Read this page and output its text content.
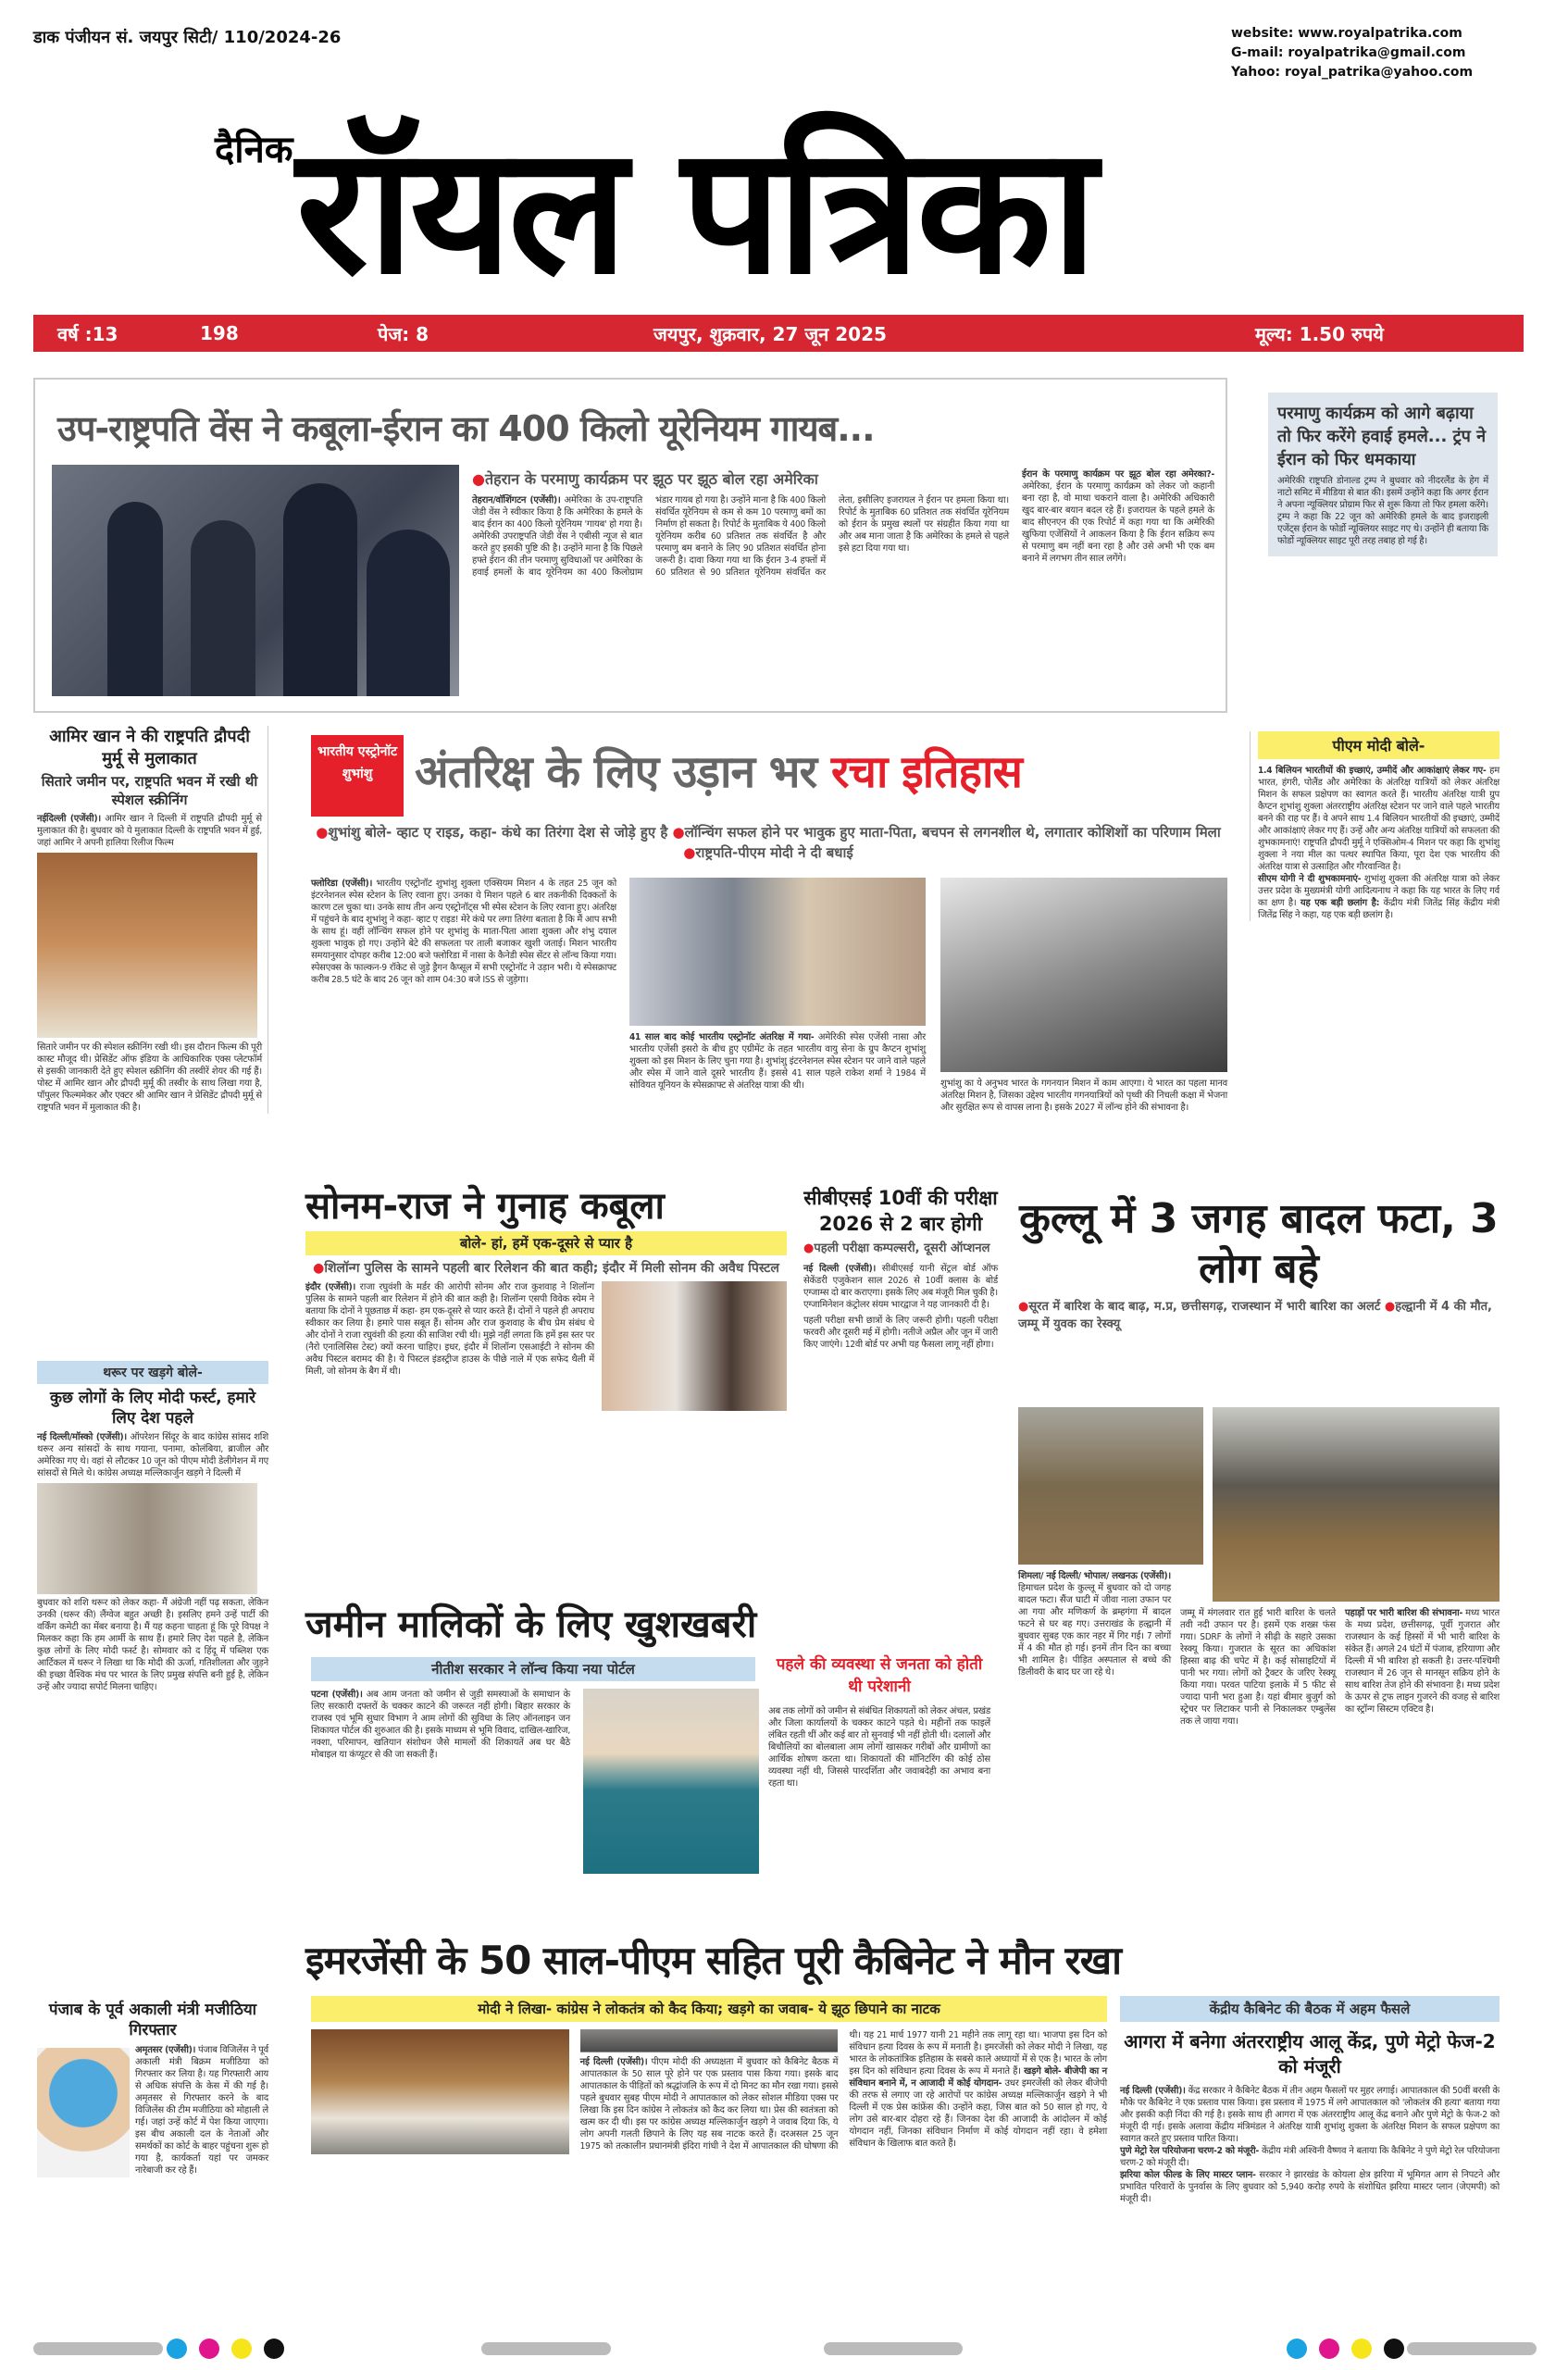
डाक पंजीयन सं. जयपुर सिटी/ 110/2024-26	website: www.royalpatrika.com
G-mail: royalpatrika@gmail.com
Yahoo: royal_patrika@yahoo.com
दैनिक रॉयल पत्रिका
वर्ष :13	198	पेज: 8	जयपुर, शुक्रवार, 27 जून 2025	मूल्य: 1.50 रुपये
उप-राष्ट्रपति वेंस ने कबूला-ईरान का 400 किलो यूरेनियम गायब...
● तेहरान के परमाणु कार्यक्रम पर झूठ पर झूठ बोल रहा अमेरिका
तेहरान/वॉशिंगटन (एजेंसी)। अमेरिका के उप-राष्ट्रपति जेडी वेंस ने स्वीकार किया है कि अमेरिका के हमले के बाद ईरान का 400 किलो यूरेनियम 'गायब' हो गया है। अमेरिकी उपराष्ट्रपति जेडी वेंस ने एबीसी न्यूज से बात करते हुए इसकी पुष्टि की है। उन्होंने माना है कि पिछले हफ्ते ईरान की तीन परमाणु सुविधाओं पर अमेरिका के हवाई हमलों के बाद यूरेनियम का 400 किलोग्राम भंडार गायब हो गया है। उन्होंने माना है कि 400 किलो संवर्धित यूरेनियम से कम से कम 10 परमाणु बमों का निर्माण हो सकता है। रिपोर्ट के मुताबिक ये 400 किलो यूरेनियम करीब 60 प्रतिशत तक संवर्धित है और परमाणु बम बनाने के लिए 90 प्रतिशत संवर्धित होना जरूरी है। दावा किया गया था कि ईरान 3-4 हफ्तों में 60 प्रतिशत से 90 प्रतिशत यूरेनियम संवर्धित कर लेता, इसीलिए इजरायल ने ईरान पर हमला किया था। रिपोर्ट के मुताबिक 60 प्रतिशत तक संवर्धित यूरेनियम को ईरान के प्रमुख स्थलों पर संग्रहीत किया गया था और अब माना जाता है कि अमेरिका के हमले से पहले इसे हटा दिया गया था।
ईरान के परमाणु कार्यक्रम पर झूठ बोल रहा अमेरका?- अमेरिका, ईरान के परमाणु कार्यक्रम को लेकर जो कहानी बना रहा है, वो माथा चकराने वाला है। अमेरिकी अधिकारी खुद बार-बार बयान बदल रहे हैं। इजरायल के पहले हमले के बाद सीएनएन की एक रिपोर्ट में कहा गया था कि अमेरिकी खुफिया एजेंसियों ने आकलन किया है कि ईरान सक्रिय रूप से परमाणु बम नहीं बना रहा है और उसे अभी भी एक बम बनाने में लगभग तीन साल लगेंगे।
परमाणु कार्यक्रम को आगे बढ़ाया तो फिर करेंगे हवाई हमले... ट्रंप ने ईरान को फिर धमकाया
अमेरिकी राष्ट्रपति डोनाल्ड ट्रम्प ने बुधवार को नीदरलैंड के हेग में नाटो समिट में मीडिया से बात की। इसमें उन्होंने कहा कि अगर ईरान ने अपना न्यूक्लियर प्रोग्राम फिर से शुरू किया तो फिर हमला करेंगे। ट्रम्प ने कहा कि 22 जून को अमेरिकी हमले के बाद इजराइली एजेंट्स ईरान के फोर्डो न्यूक्लियर साइट गए थे। उन्होंने ही बताया कि फोर्डो न्यूक्लियर साइट पूरी तरह तबाह हो गई है।
आमिर खान ने की राष्ट्रपति द्रौपदी मुर्मू से मुलाकात
सितारे जमीन पर, राष्ट्रपति भवन में रखी थी स्पेशल स्क्रीनिंग
नईदिल्ली (एजेंसी)। आमिर खान ने दिल्ली में राष्ट्रपति द्रौपदी मुर्मू से मुलाकात की है। बुधवार को ये मुलाकात दिल्ली के राष्ट्रपति भवन में हुई, जहां आमिर ने अपनी हालिया रिलीज फिल्म
सितारे जमीन पर की स्पेशल स्क्रीनिंग रखी थी। इस दौरान फिल्म की पूरी कास्ट मौजूद थी। प्रेसिडेंट ऑफ इंडिया के आधिकारिक एक्स प्लेटफॉर्म से इसकी जानकारी देते हुए स्पेशल स्क्रीनिंग की तस्वीरें शेयर की गई हैं। पोस्ट में आमिर खान और द्रौपदी मुर्मू की तस्वीर के साथ लिखा गया है, पॉपुलर फिल्ममेकर और एक्टर श्री आमिर खान ने प्रेसिडेंट द्रौपदी मुर्मू से राष्ट्रपति भवन में मुलाकात की है।
थरूर पर खड़गे बोले-
कुछ लोगों के लिए मोदी फर्स्ट, हमारे लिए देश पहले
नई दिल्ली/मॉस्को (एजेंसी)। ऑपरेशन सिंदूर के बाद कांग्रेस सांसद शशि थरूर अन्य सांसदों के साथ गयाना, पनामा, कोलंबिया, ब्राजील और अमेरिका गए थे। वहां से लौटकर 10 जून को पीएम मोदी डेलीगेशन में गए सांसदों से मिले थे। कांग्रेस अध्यक्ष मल्लिकार्जुन खड़गे ने दिल्ली में
बुधवार को शशि थरूर को लेकर कहा- मैं अंग्रेजी नहीं पढ़ सकता, लेकिन उनकी (थरूर की) लैंग्वेज बहुत अच्छी है। इसलिए हमने उन्हें पार्टी की वर्किंग कमेटी का मेंबर बनाया है। मैं यह कहना चाहता हूं कि पूरे विपक्ष ने मिलकर कहा कि हम आर्मी के साथ हैं। हमारे लिए देश पहले है, लेकिन कुछ लोगों के लिए मोदी फर्स्ट है। सोमवार को द हिंदू में पब्लिश एक आर्टिकल में थरूर ने लिखा था कि मोदी की ऊर्जा, गतिशीलता और जुड़ने की इच्छा वैश्विक मंच पर भारत के लिए प्रमुख संपत्ति बनी हुई है, लेकिन उन्हें और ज्यादा सपोर्ट मिलना चाहिए।
पंजाब के पूर्व अकाली मंत्री मजीठिया गिरफ्तार
अमृतसर (एजेंसी)। पंजाब विजिलेंस ने पूर्व अकाली मंत्री बिक्रम मजीठिया को गिरफ्तार कर लिया है। यह गिरफ्तारी आय से अधिक संपत्ति के केस में की गई है। अमृतसर से गिरफ्तार करने के बाद विजिलेंस की टीम मजीठिया को मोहाली ले गई। जहां उन्हें कोर्ट में पेश किया जाएगा। इस बीच अकाली दल के नेताओं और समर्थकों का कोर्ट के बाहर पहुंचना शुरू हो गया है, कार्यकर्ता यहां पर जमकर नारेबाजी कर रहे हैं।
भारतीय एस्ट्रोनॉट शुभांशु अंतरिक्ष के लिए उड़ान भर रचा इतिहास
● शुभांशु बोले- व्हाट ए राइड, कहा- कंधे का तिरंगा देश से जोड़े हुए है ● लॉन्चिंग सफल होने पर भावुक हुए माता-पिता, बचपन से लगनशील थे, लगातार कोशिशों का परिणाम मिला ● राष्ट्रपति-पीएम मोदी ने दी बधाई
फ्लोरिडा (एजेंसी)। भारतीय एस्ट्रोनॉट शुभांशु शुक्ला एक्सियम मिशन 4 के तहत 25 जून को इंटरनेशनल स्पेस स्टेशन के लिए रवाना हुए। उनका ये मिशन पहले 6 बार तकनीकी दिक्कतों के कारण टल चुका था। उनके साथ तीन अन्य एस्ट्रोनॉट्स भी स्पेस स्टेशन के लिए रवाना हुए। अंतरिक्ष में पहुंचने के बाद शुभांशु ने कहा- व्हाट ए राइड! मेरे कंधे पर लगा तिरंगा बताता है कि मैं आप सभी के साथ हूं। वहीं लॉन्चिंग सफल होने पर शुभांशु के माता-पिता आशा शुक्ला और शंभु दयाल शुक्ला भावुक हो गए। उन्होंने बेटे की सफलता पर ताली बजाकर खुशी जताई। मिशन भारतीय समयानुसार दोपहर करीब 12:00 बजे फ्लोरिडा में नासा के कैनेडी स्पेस सेंटर से लॉन्च किया गया। स्पेसएक्स के फाल्कन-9 रॉकेट से जुड़े ड्रैगन कैप्सूल में सभी एस्ट्रोनॉट ने उड़ान भरी। ये स्पेसक्राफ्ट करीब 28.5 घंटे के बाद 26 जून को शाम 04:30 बजे ISS से जुड़ेगा।
41 साल बाद कोई भारतीय एस्ट्रोनॉट अंतरिक्ष में गया- अमेरिकी स्पेस एजेंसी नासा और भारतीय एजेंसी इसरो के बीच हुए एग्रीमेंट के तहत भारतीय वायु सेना के ग्रुप कैप्टन शुभांशु शुक्ला को इस मिशन के लिए चुना गया है। शुभांशु इंटरनेशनल स्पेस स्टेशन पर जाने वाले पहले और स्पेस में जाने वाले दूसरे भारतीय हैं। इससे 41 साल पहले राकेश शर्मा ने 1984 में सोवियत यूनियन के स्पेसक्राफ्ट से अंतरिक्ष यात्रा की थी।	शुभांशु का ये अनुभव भारत के गगनयान मिशन में काम आएगा। ये भारत का पहला मानव अंतरिक्ष मिशन है, जिसका उद्देश्य भारतीय गगनयात्रियों को पृथ्वी की निचली कक्षा में भेजना और सुरक्षित रूप से वापस लाना है। इसके 2027 में लॉन्च होने की संभावना है।
पीएम मोदी बोले-
1.4 बिलियन भारतीयों की इच्छाएं, उम्मीदें और आकांक्षाएं लेकर गए- हम भारत, हंगरी, पोलैंड और अमेरिका के अंतरिक्ष यात्रियों को लेकर अंतरिक्ष मिशन के सफल प्रक्षेपण का स्वागत करते हैं। भारतीय अंतरिक्ष यात्री ग्रुप कैप्टन शुभांशु शुक्ला अंतरराष्ट्रीय अंतरिक्ष स्टेशन पर जाने वाले पहले भारतीय बनने की राह पर हैं। वे अपने साथ 1.4 बिलियन भारतीयों की इच्छाएं, उम्मीदें और आकांक्षाएं लेकर गए हैं। उन्हें और अन्य अंतरिक्ष यात्रियों को सफलता की शुभकामनाएं! राष्ट्रपति द्रौपदी मुर्मू ने एक्सिओम-4 मिशन पर कहा कि शुभांशु शुक्ला ने नया मील का पत्थर स्थापित किया, पूरा देश एक भारतीय की अंतरिक्ष यात्रा से उत्साहित और गौरवान्वित है।
सीएम योगी ने दी शुभकामनाएं- शुभांशु शुक्ला की अंतरिक्ष यात्रा को लेकर उत्तर प्रदेश के मुख्यमंत्री योगी आदित्यनाथ ने कहा कि यह भारत के लिए गर्व का क्षण है। यह एक बड़ी छलांग है: केंद्रीय मंत्री जितेंद्र सिंह केंद्रीय मंत्री जितेंद्र सिंह ने कहा, यह एक बड़ी छलांग है।
सोनम-राज ने गुनाह कबूला
बोले- हां, हमें एक-दूसरे से प्यार है
● शिलॉन्ग पुलिस के सामने पहली बार रिलेशन की बात कही; इंदौर में मिली सोनम की अवैध पिस्टल
इंदौर (एजेंसी)। राजा रघुवंशी के मर्डर की आरोपी सोनम और राज कुशवाह ने शिलॉन्ग पुलिस के सामने पहली बार रिलेशन में होने की बात कही है। शिलॉन्ग एसपी विवेक स्येम ने बताया कि दोनों ने पूछताछ में कहा- हम एक-दूसरे से प्यार करते हैं। दोनों ने पहले ही अपराध स्वीकार कर लिया है। हमारे पास सबूत हैं। सोनम और राज कुशवाह के बीच प्रेम संबंध थे और दोनों ने राजा रघुवंशी की हत्या की साजिश रची थी। मुझे नहीं लगता कि हमें इस स्तर पर (नैरो एनालिसिस टेस्ट) क्यों करना चाहिए। इधर, इंदौर में शिलॉन्ग एसआईटी ने सोनम की अवैध पिस्टल बरामद की है। ये पिस्टल इंडस्ट्रीज हाउस के पीछे नाले में एक सफेद थैली में मिली, जो सोनम के बैग में थी।
सीबीएसई 10वीं की परीक्षा 2026 से 2 बार होगी
● पहली परीक्षा कम्पल्सरी, दूसरी ऑप्शनल
नई दिल्ली (एजेंसी)। सीबीएसई यानी सेंट्रल बोर्ड ऑफ सेकेंडरी एजुकेशन साल 2026 से 10वीं क्लास के बोर्ड एग्जाम्स दो बार कराएगा। इसके लिए अब मंजूरी मिल चुकी है। एग्जामिनेशन कंट्रोलर संयम भारद्वाज ने यह जानकारी दी है।
पहली परीक्षा सभी छात्रों के लिए जरूरी होगी। पहली परीक्षा फरवरी और दूसरी मई में होगी। नतीजे अप्रैल और जून में जारी किए जाएंगे। 12वी बोर्ड पर अभी यह फैसला लागू नहीं होगा।
कुल्लू में 3 जगह बादल फटा, 3 लोग बहे
● सूरत में बारिश के बाद बाढ़, म.प्र, छत्तीसगढ़, राजस्थान में भारी बारिश का अलर्ट ● हल्द्वानी में 4 की मौत, जम्मू में युवक का रेस्क्यू
शिमला/ नई दिल्ली/ भोपाल/ लखनऊ (एजेंसी)। हिमाचल प्रदेश के कुल्लू में बुधवार को दो जगह बादल फटा। सैंज घाटी में जीवा नाला उफान पर आ गया और मणिकर्ण के ब्रम्हगंगा में बादल फटने से घर बह गए। उत्तराखंड के हल्द्वानी में बुधवार सुबह एक कार नहर में गिर गई। 7 लोगों में 4 की मौत हो गई। इनमें तीन दिन का बच्चा भी शामिल है। पीड़ित अस्पताल से बच्चे की डिलीवरी के बाद घर जा रहे थे।
जम्मू में मंगलवार रात हुई भारी बारिश के चलते तवी नदी उफान पर है। इसमें एक शख्स फंस गया। SDRF के लोगों ने सीढ़ी के सहारे उसका रेस्क्यू किया। गुजरात के सूरत का अधिकांश हिस्सा बाढ़ की चपेट में है। कई सोसाइटियों में पानी भर गया। लोगों को ट्रैक्टर के जरिए रेस्क्यू किया गया। परवत पाटिया इलाके में 5 फीट से ज्यादा पानी भरा हुआ है। यहां बीमार बुजुर्ग को स्ट्रेचर पर लिटाकर पानी से निकालकर एम्बुलेंस तक ले जाया गया।
पहाड़ों पर भारी बारिश की संभावना- मध्य भारत के मध्य प्रदेश, छत्तीसगढ़, पूर्वी गुजरात और राजस्थान के कई हिस्सों में भी भारी बारिश के संकेत हैं। अगले 24 घंटों में पंजाब, हरियाणा और दिल्ली में भी बारिश हो सकती है। उत्तर-पश्चिमी राजस्थान में 26 जून से मानसून सक्रिय होने के साथ बारिश तेज होने की संभावना है। मध्य प्रदेश के ऊपर से ट्रफ लाइन गुजरने की वजह से बारिश का स्ट्रॉन्ग सिस्टम एक्टिव है।
जमीन मालिकों के लिए खुशखबरी
नीतीश सरकार ने लॉन्च किया नया पोर्टल	पहले की व्यवस्था से जनता को होती थी परेशानी
पटना (एजेंसी)। अब आम जनता को जमीन से जुड़ी समस्याओं के समाधान के लिए सरकारी दफ्तरों के चक्कर काटने की जरूरत नहीं होगी। बिहार सरकार के राजस्व एवं भूमि सुधार विभाग ने आम लोगों की सुविधा के लिए ऑनलाइन जन शिकायत पोर्टल की शुरुआत की है। इसके माध्यम से भूमि विवाद, दाखिल-खारिज, नक्शा, परिमापन, खतियान संशोधन जैसे मामलों की शिकायतें अब घर बैठे मोबाइल या कंप्यूटर से की जा सकती हैं।
अब तक लोगों को जमीन से संबंधित शिकायतों को लेकर अंचल, प्रखंड और जिला कार्यालयों के चक्कर काटने पड़ते थे। महीनों तक फाइलें लंबित रहती थीं और कई बार तो सुनवाई भी नहीं होती थी। दलालों और बिचौलियों का बोलबाला आम लोगों खासकर गरीबों और ग्रामीणों का आर्थिक शोषण करता था। शिकायतों की मॉनिटरिंग की कोई ठोस व्यवस्था नहीं थी, जिससे पारदर्शिता और जवाबदेही का अभाव बना रहता था।
इमरजेंसी के 50 साल-पीएम सहित पूरी कैबिनेट ने मौन रखा
मोदी ने लिखा- कांग्रेस ने लोकतंत्र को कैद किया; खड़गे का जवाब- ये झूठ छिपाने का नाटक
नई दिल्ली (एजेंसी)। पीएम मोदी की अध्यक्षता में बुधवार को कैबिनेट बैठक में आपातकाल के 50 साल पूरे होने पर एक प्रस्ताव पास किया गया। इसके बाद आपातकाल के पीड़ितों को श्रद्धांजलि के रूप में दो मिनट का मौन रखा गया। इससे पहले बुधवार सुबह पीएम मोदी ने आपातकाल को लेकर सोशल मीडिया एक्स पर लिखा कि इस दिन कांग्रेस ने लोकतंत्र को कैद कर लिया था। प्रेस की स्वतंत्रता को खत्म कर दी थी। इस पर कांग्रेस अध्यक्ष मल्लिकार्जुन खड़गे ने जवाब दिया कि, ये लोग अपनी गलती छिपाने के लिए यह सब नाटक करते हैं। दरअसल 25 जून 1975 को तत्कालीन प्रधानमंत्री इंदिरा गांधी ने देश में आपातकाल की घोषणा की थी। यह 21 मार्च 1977 यानी 21 महीने तक लागू रहा था। भाजपा इस दिन को संविधान हत्या दिवस के रूप में मनाती है। इमरजेंसी को लेकर मोदी ने लिखा, यह भारत के लोकतांत्रिक इतिहास के सबसे काले अध्यायों में से एक है। भारत के लोग इस दिन को संविधान हत्या दिवस के रूप में मनाते हैं। खड़गे बोले- बीजेपी का न संविधान बनाने में, न आजादी में कोई योगदान- उधर इमरजेंसी को लेकर बीजेपी की तरफ से लगाए जा रहे आरोपों पर कांग्रेस अध्यक्ष मल्लिकार्जुन खड़गे ने भी दिल्ली में एक प्रेस कांफ्रेंस की। उन्होंने कहा, जिस बात को 50 साल हो गए, ये लोग उसे बार-बार दोहरा रहे हैं। जिनका देश की आजादी के आंदोलन में कोई योगदान नहीं, जिनका संविधान निर्माण में कोई योगदान नहीं रहा। वे हमेशा संविधान के खिलाफ बात करते हैं।
केंद्रीय कैबिनेट की बैठक में अहम फैसले
आगरा में बनेगा अंतरराष्ट्रीय आलू केंद्र, पुणे मेट्रो फेज-2 को मंजूरी
नई दिल्ली (एजेंसी)। केंद्र सरकार ने कैबिनेट बैठक में तीन अहम फैसलों पर मुहर लगाई। आपातकाल की 50वीं बरसी के मौके पर कैबिनेट ने एक प्रस्ताव पास किया। इस प्रस्ताव में 1975 में लगे आपातकाल को 'लोकतंत्र की हत्या' बताया गया और इसकी कड़ी निंदा की गई है। इसके साथ ही आगरा में एक अंतरराष्ट्रीय आलू केंद्र बनाने और पुणे मेट्रो के फेज-2 को मंजूरी दी गई। इसके अलावा केंद्रीय मंत्रिमंडल ने अंतरिक्ष यात्री शुभांशु शुक्ला के अंतरिक्ष मिशन के सफल प्रक्षेपण का स्वागत करते हुए प्रस्ताव पारित किया।
पुणे मेट्रो रेल परियोजना चरण-2 को मंजूरी- केंद्रीय मंत्री अश्विनी वैष्णव ने बताया कि कैबिनेट ने पुणे मेट्रो रेल परियोजना चरण-2 को मंजूरी दी।
झरिया कोल फील्ड के लिए मास्टर प्लान- सरकार ने झारखंड के कोयला क्षेत्र झरिया में भूमिगत आग से निपटने और प्रभावित परिवारों के पुनर्वास के लिए बुधवार को 5,940 करोड़ रुपये के संशोधित झरिया मास्टर प्लान (जेएमपी) को मंजूरी दी।
